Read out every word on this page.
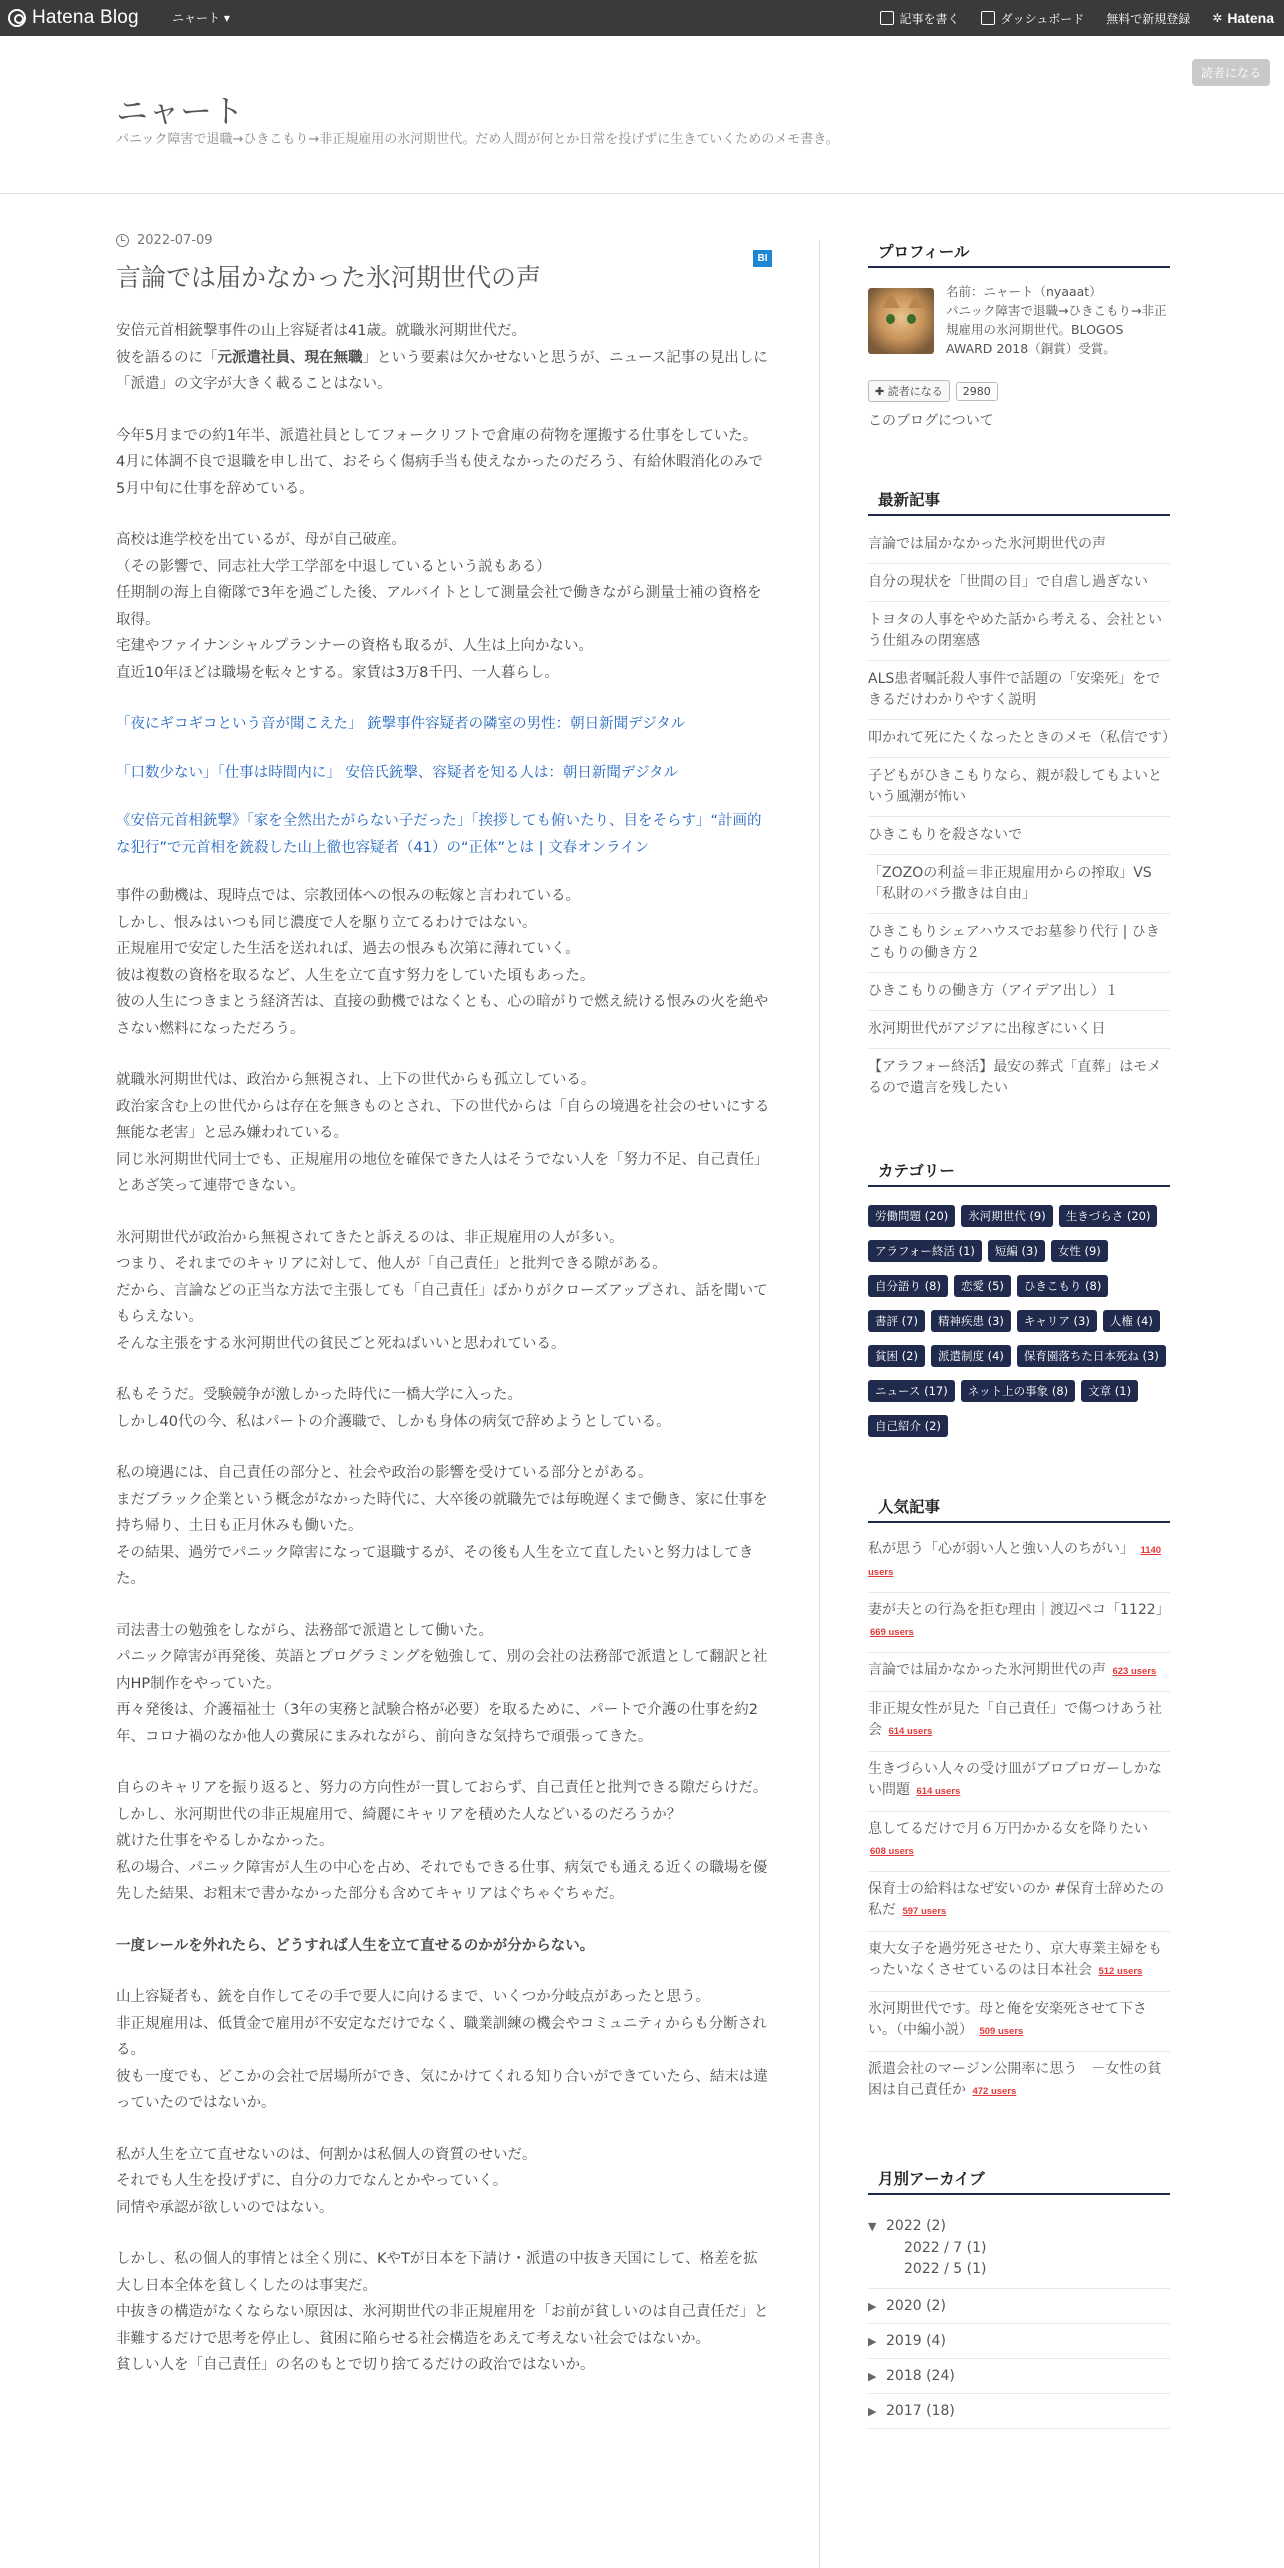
Hatena Blog	ニャート ▾	記事を書く	ダッシュボード 無料で新規登録 ✲ Hatena
読者になる
ニャート
パニック障害で退職→ひきこもり→非正規雇用の氷河期世代。だめ人間が何とか日常を投げずに生きていくためのメモ書き。
2022-07-09
BI
言論では届かなかった氷河期世代の声

安倍元首相銃撃事件の山上容疑者は41歳。就職氷河期世代だ。
彼を語るのに「元派遣社員、現在無職」という要素は欠かせないと思うが、ニュース記事の見出しに「派遣」の文字が大きく載ることはない。

今年5月までの約1年半、派遣社員としてフォークリフトで倉庫の荷物を運搬する仕事をしていた。
4月に体調不良で退職を申し出て、おそらく傷病手当も使えなかったのだろう、有給休暇消化のみで5月中旬に仕事を辞めている。

高校は進学校を出ているが、母が自己破産。
（その影響で、同志社大学工学部を中退しているという説もある）
任期制の海上自衛隊で3年を過ごした後、アルバイトとして測量会社で働きながら測量士補の資格を取得。
宅建やファイナンシャルプランナーの資格も取るが、人生は上向かない。
直近10年ほどは職場を転々とする。家賃は3万8千円、一人暮らし。

「夜にギコギコという音が聞こえた」 銃撃事件容疑者の隣室の男性：朝日新聞デジタル

「口数少ない」「仕事は時間内に」 安倍氏銃撃、容疑者を知る人は：朝日新聞デジタル

《安倍元首相銃撃》「家を全然出たがらない子だった」「挨拶しても俯いたり、目をそらす」“計画的な犯行”で元首相を銃殺した山上徹也容疑者（41）の“正体”とは | 文春オンライン

事件の動機は、現時点では、宗教団体への恨みの転嫁と言われている。
しかし、恨みはいつも同じ濃度で人を駆り立てるわけではない。
正規雇用で安定した生活を送れれば、過去の恨みも次第に薄れていく。
彼は複数の資格を取るなど、人生を立て直す努力をしていた頃もあった。
彼の人生につきまとう経済苦は、直接の動機ではなくとも、心の暗がりで燃え続ける恨みの火を絶やさない燃料になっただろう。

就職氷河期世代は、政治から無視され、上下の世代からも孤立している。
政治家含む上の世代からは存在を無きものとされ、下の世代からは「自らの境遇を社会のせいにする無能な老害」と忌み嫌われている。
同じ氷河期世代同士でも、正規雇用の地位を確保できた人はそうでない人を「努力不足、自己責任」とあざ笑って連帯できない。

氷河期世代が政治から無視されてきたと訴えるのは、非正規雇用の人が多い。
つまり、それまでのキャリアに対して、他人が「自己責任」と批判できる隙がある。
だから、言論などの正当な方法で主張しても「自己責任」ばかりがクローズアップされ、話を聞いてもらえない。
そんな主張をする氷河期世代の貧民ごと死ねばいいと思われている。

私もそうだ。受験競争が激しかった時代に一橋大学に入った。
しかし40代の今、私はパートの介護職で、しかも身体の病気で辞めようとしている。

私の境遇には、自己責任の部分と、社会や政治の影響を受けている部分とがある。
まだブラック企業という概念がなかった時代に、大卒後の就職先では毎晩遅くまで働き、家に仕事を持ち帰り、土日も正月休みも働いた。
その結果、過労でパニック障害になって退職するが、その後も人生を立て直したいと努力はしてきた。

司法書士の勉強をしながら、法務部で派遣として働いた。
パニック障害が再発後、英語とプログラミングを勉強して、別の会社の法務部で派遣として翻訳と社内HP制作をやっていた。
再々発後は、介護福祉士（3年の実務と試験合格が必要）を取るために、パートで介護の仕事を約2年、コロナ禍のなか他人の糞尿にまみれながら、前向きな気持ちで頑張ってきた。

自らのキャリアを振り返ると、努力の方向性が一貫しておらず、自己責任と批判できる隙だらけだ。
しかし、氷河期世代の非正規雇用で、綺麗にキャリアを積めた人などいるのだろうか？
就けた仕事をやるしかなかった。
私の場合、パニック障害が人生の中心を占め、それでもできる仕事、病気でも通える近くの職場を優先した結果、お粗末で書かなかった部分も含めてキャリアはぐちゃぐちゃだ。

一度レールを外れたら、どうすれば人生を立て直せるのかが分からない。

山上容疑者も、銃を自作してその手で要人に向けるまで、いくつか分岐点があったと思う。
非正規雇用は、低賃金で雇用が不安定なだけでなく、職業訓練の機会やコミュニティからも分断される。
彼も一度でも、どこかの会社で居場所ができ、気にかけてくれる知り合いができていたら、結末は違っていたのではないか。

私が人生を立て直せないのは、何割かは私個人の資質のせいだ。
それでも人生を投げずに、自分の力でなんとかやっていく。
同情や承認が欲しいのではない。

しかし、私の個人的事情とは全く別に、KやTが日本を下請け・派遣の中抜き天国にして、格差を拡大し日本全体を貧しくしたのは事実だ。
中抜きの構造がなくならない原因は、氷河期世代の非正規雇用を「お前が貧しいのは自己責任だ」と非難するだけで思考を停止し、貧困に陥らせる社会構造をあえて考えない社会ではないか。
貧しい人を「自己責任」の名のもとで切り捨てるだけの政治ではないか。

プロフィール
名前：ニャート（nyaaat）
パニック障害で退職→ひきこもり→非正規雇用の氷河期世代。BLOGOS AWARD 2018（銅賞）受賞。
✚ 読者になる	2980
このブログについて
最新記事
言論では届かなかった氷河期世代の声
自分の現状を「世間の目」で自虐し過ぎない
トヨタの人事をやめた話から考える、会社という仕組みの閉塞感
ALS患者嘱託殺人事件で話題の「安楽死」をできるだけわかりやすく説明
叩かれて死にたくなったときのメモ（私信です）
子どもがひきこもりなら、親が殺してもよいという風潮が怖い
ひきこもりを殺さないで
「ZOZOの利益＝非正規雇用からの搾取」VS「私財のバラ撒きは自由」
ひきこもりシェアハウスでお墓参り代行 | ひきこもりの働き方２
ひきこもりの働き方（アイデア出し）１
氷河期世代がアジアに出稼ぎにいく日
【アラフォー終活】最安の葬式「直葬」はモメるので遺言を残したい
カテゴリー
労働問題 (20)	氷河期世代 (9)	生きづらさ (20)
アラフォー終活 (1)	短編 (3)	女性 (9)
自分語り (8)	恋愛 (5)	ひきこもり (8)
書評 (7)	精神疾患 (3)	キャリア (3)	人権 (4)
貧困 (2)	派遣制度 (4)	保育園落ちた日本死ね (3)
ニュース (17)	ネット上の事象 (8)	文章 (1)
自己紹介 (2)
人気記事
私が思う「心が弱い人と強い人のちがい」 1140 users
妻が夫との行為を拒む理由｜渡辺ペコ「1122」 669 users
言論では届かなかった氷河期世代の声 623 users
非正規女性が見た「自己責任」で傷つけあう社会 614 users
生きづらい人々の受け皿がブロブロガーしかない問題 614 users
息してるだけで月６万円かかる女を降りたい 608 users
保育士の給料はなぜ安いのか #保育士辞めたの私だ 597 users
東大女子を過労死させたり、京大専業主婦をもったいなくさせているのは日本社会 512 users
氷河期世代です。母と俺を安楽死させて下さい。（中編小説） 509 users
派遣会社のマージン公開率に思う　－女性の貧困は自己責任か 472 users
月別アーカイブ
▼ 2022 (2)
2022 / 7 (1)
2022 / 5 (1)
▶ 2020 (2)
▶ 2019 (4)
▶ 2018 (24)
▶ 2017 (18)
